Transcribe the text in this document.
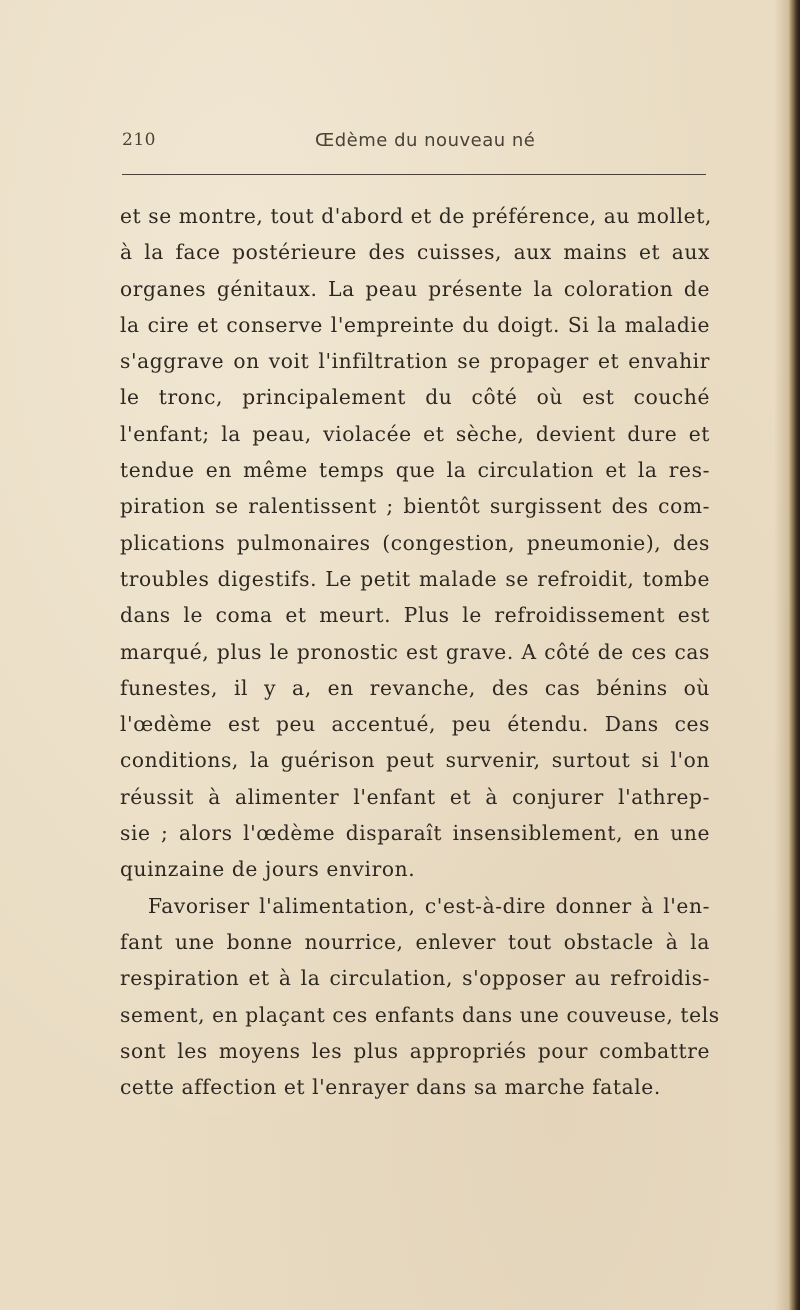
210	Œdème du nouveau né
et se montre, tout d'abord et de préférence, au mollet,
à la face postérieure des cuisses, aux mains et aux
organes génitaux. La peau présente la coloration de
la cire et conserve l'empreinte du doigt. Si la maladie
s'aggrave on voit l'infiltration se propager et envahir
le tronc, principalement du côté où est couché
l'enfant; la peau, violacée et sèche, devient dure et
tendue en même temps que la circulation et la res-
piration se ralentissent ; bientôt surgissent des com-
plications pulmonaires (congestion, pneumonie), des
troubles digestifs. Le petit malade se refroidit, tombe
dans le coma et meurt. Plus le refroidissement est
marqué, plus le pronostic est grave. A côté de ces cas
funestes, il y a, en revanche, des cas bénins où
l'œdème est peu accentué, peu étendu. Dans ces
conditions, la guérison peut survenir, surtout si l'on
réussit à alimenter l'enfant et à conjurer l'athrep-
sie ; alors l'œdème disparaît insensiblement, en une
quinzaine de jours environ.
Favoriser l'alimentation, c'est-à-dire donner à l'en-
fant une bonne nourrice, enlever tout obstacle à la
respiration et à la circulation, s'opposer au refroidis-
sement, en plaçant ces enfants dans une couveuse, tels
sont les moyens les plus appropriés pour combattre
cette affection et l'enrayer dans sa marche fatale.
